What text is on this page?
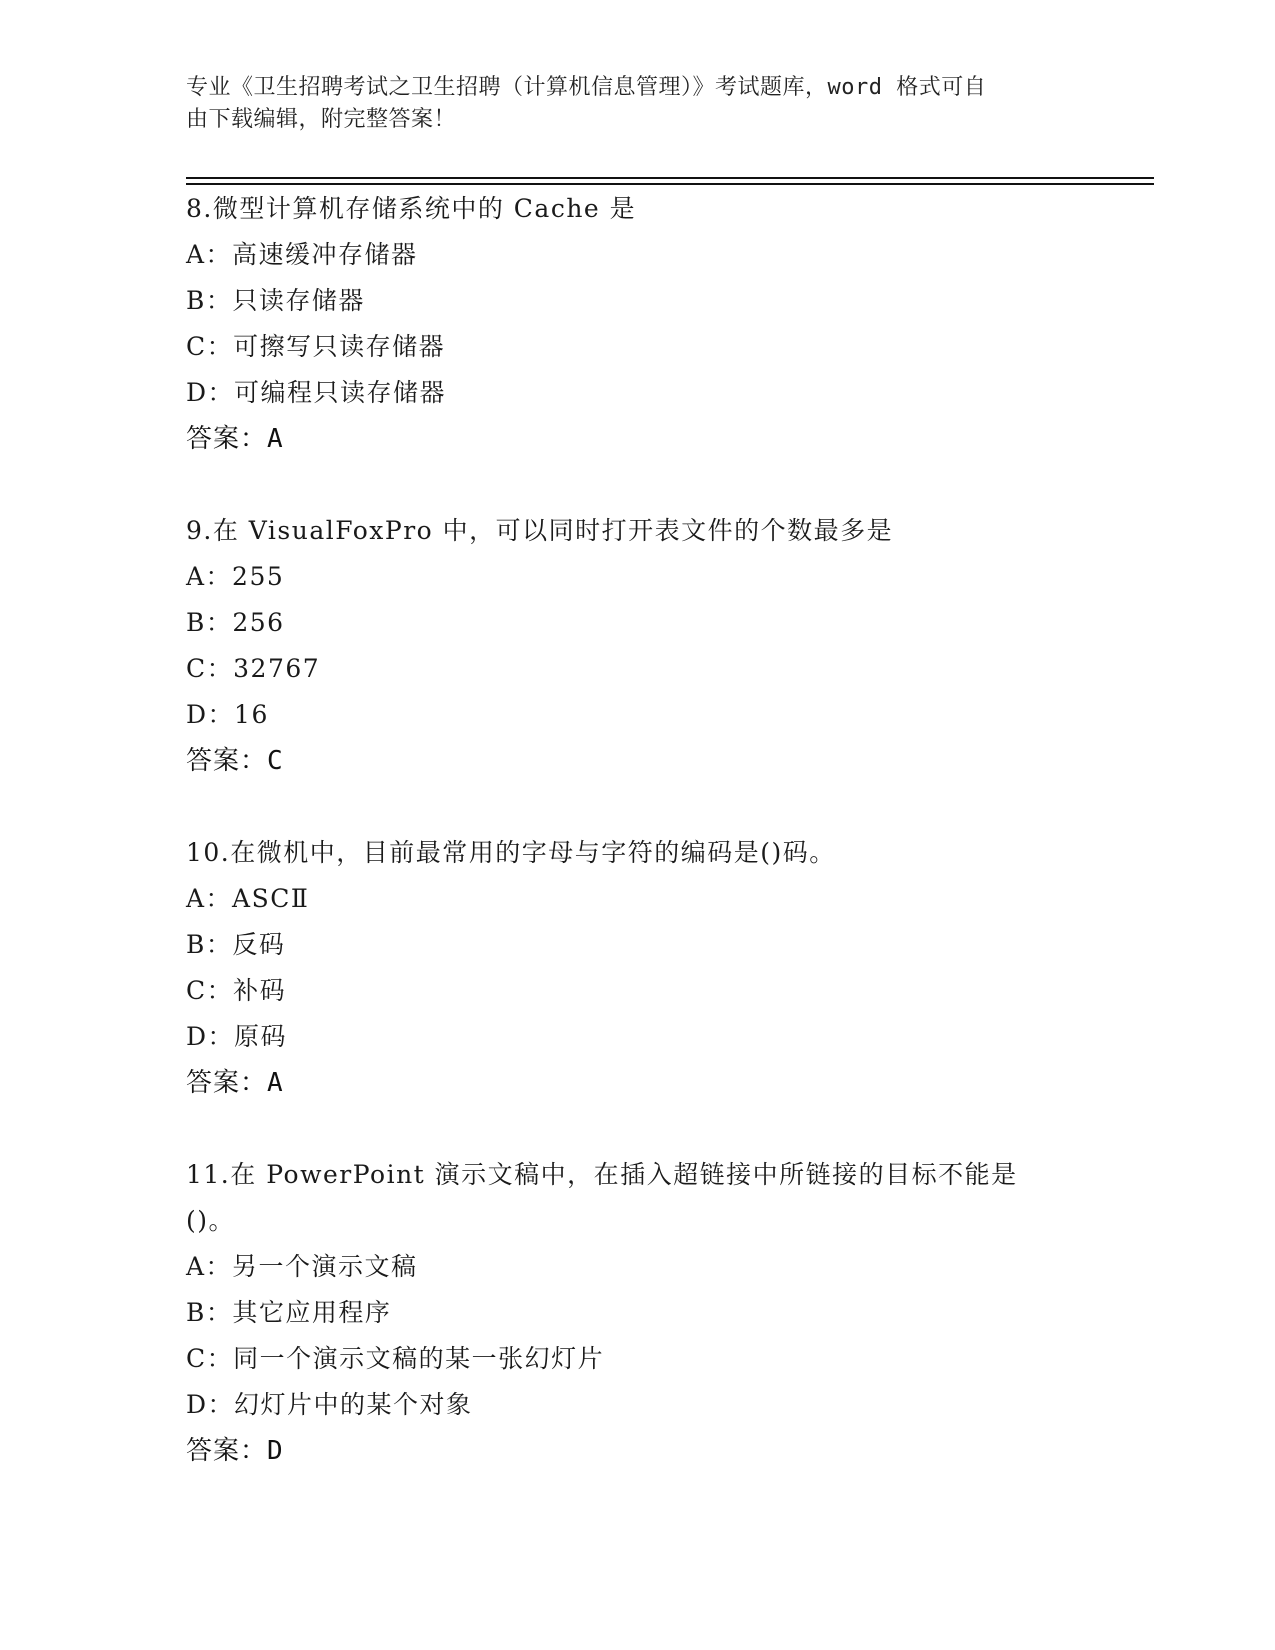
专业《卫生招聘考试之卫生招聘（计算机信息管理）》考试题库，word 格式可自
由下载编辑，附完整答案！
8.微型计算机存储系统中的 Cache 是
A：高速缓冲存储器
B：只读存储器
C：可擦写只读存储器
D：可编程只读存储器
答案：A
9.在 VisualFoxPro 中，可以同时打开表文件的个数最多是
A：255
B：256
C：32767
D：16
答案：C
10.在微机中，目前最常用的字母与字符的编码是()码。
A：ASCⅡ
B：反码
C：补码
D：原码
答案：A
11.在 PowerPoint 演示文稿中，在插入超链接中所链接的目标不能是
()。
A：另一个演示文稿
B：其它应用程序
C：同一个演示文稿的某一张幻灯片
D：幻灯片中的某个对象
答案：D
